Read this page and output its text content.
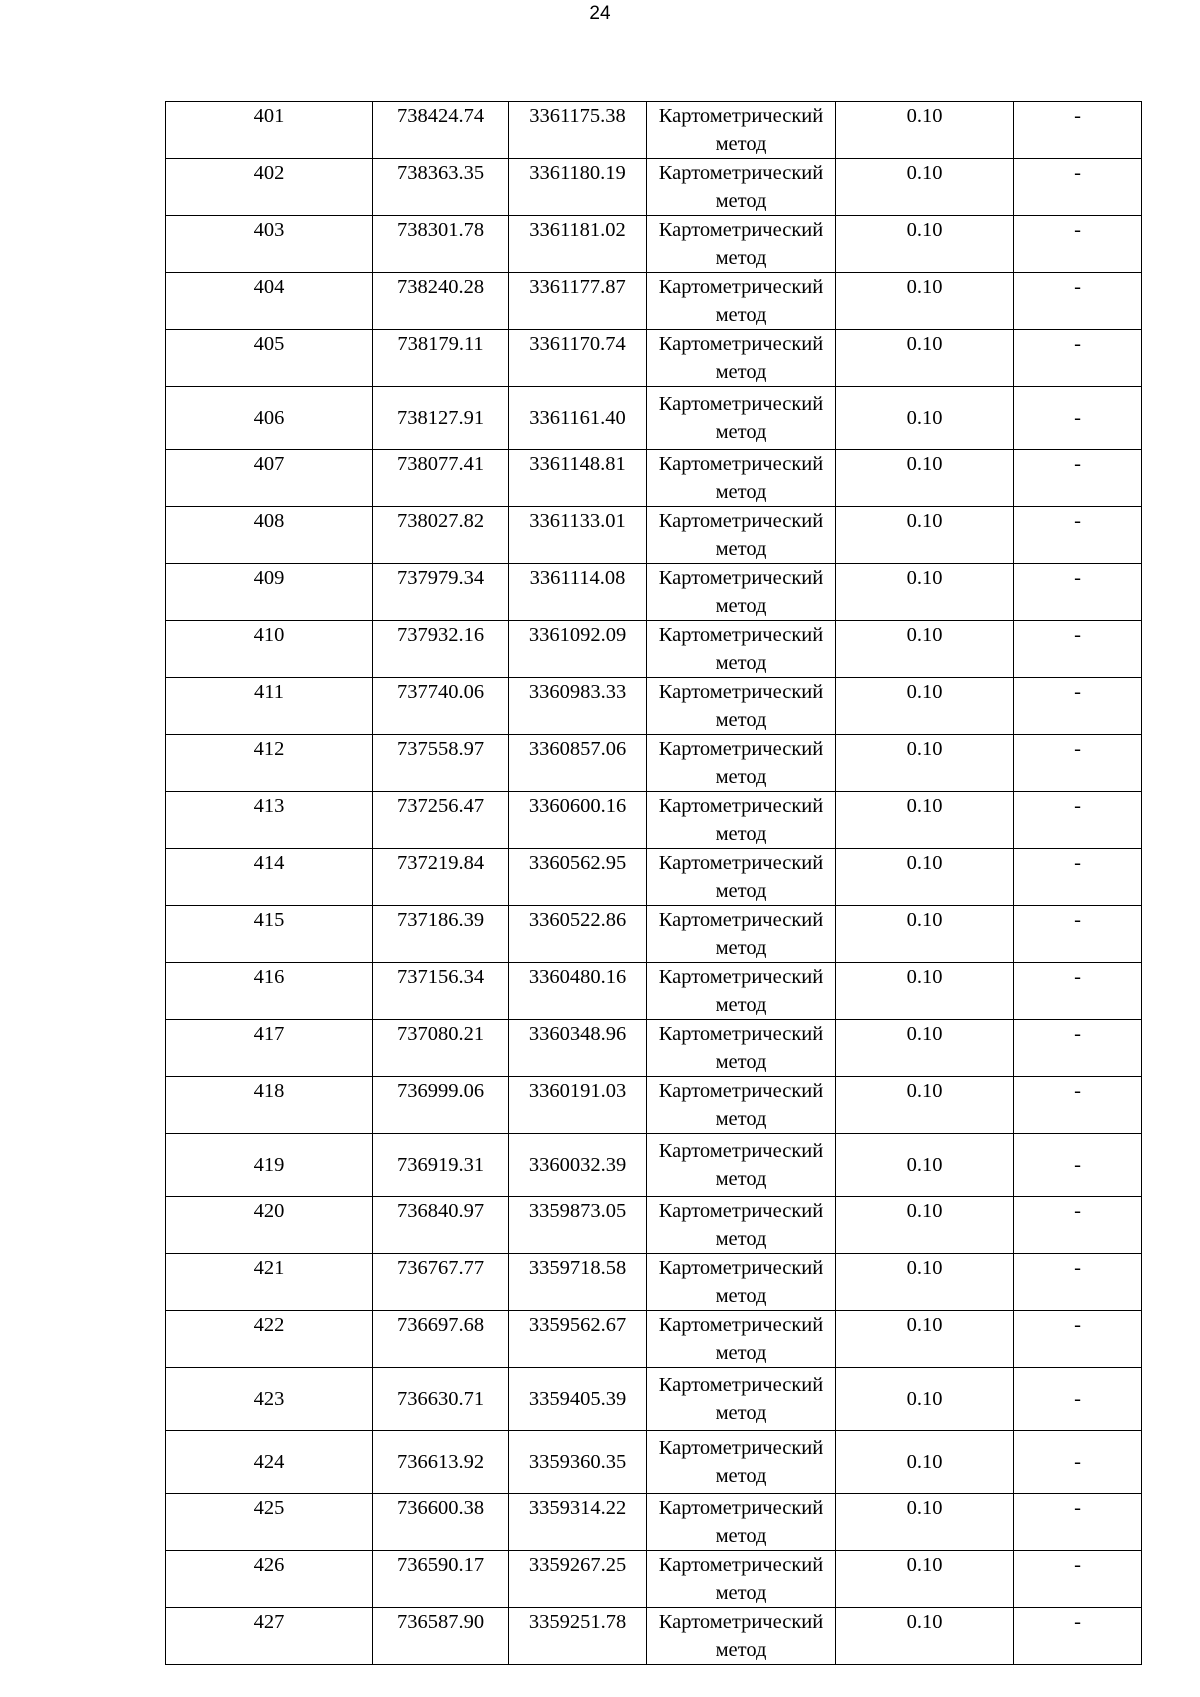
24
401	738424.74	3361175.38	Картометрический метод	0.10	-
402	738363.35	3361180.19	Картометрический метод	0.10	-
403	738301.78	3361181.02	Картометрический метод	0.10	-
404	738240.28	3361177.87	Картометрический метод	0.10	-
405	738179.11	3361170.74	Картометрический метод	0.10	-
406	738127.91	3361161.40	Картометрический метод	0.10	-
407	738077.41	3361148.81	Картометрический метод	0.10	-
408	738027.82	3361133.01	Картометрический метод	0.10	-
409	737979.34	3361114.08	Картометрический метод	0.10	-
410	737932.16	3361092.09	Картометрический метод	0.10	-
411	737740.06	3360983.33	Картометрический метод	0.10	-
412	737558.97	3360857.06	Картометрический метод	0.10	-
413	737256.47	3360600.16	Картометрический метод	0.10	-
414	737219.84	3360562.95	Картометрический метод	0.10	-
415	737186.39	3360522.86	Картометрический метод	0.10	-
416	737156.34	3360480.16	Картометрический метод	0.10	-
417	737080.21	3360348.96	Картометрический метод	0.10	-
418	736999.06	3360191.03	Картометрический метод	0.10	-
419	736919.31	3360032.39	Картометрический метод	0.10	-
420	736840.97	3359873.05	Картометрический метод	0.10	-
421	736767.77	3359718.58	Картометрический метод	0.10	-
422	736697.68	3359562.67	Картометрический метод	0.10	-
423	736630.71	3359405.39	Картометрический метод	0.10	-
424	736613.92	3359360.35	Картометрический метод	0.10	-
425	736600.38	3359314.22	Картометрический метод	0.10	-
426	736590.17	3359267.25	Картометрический метод	0.10	-
427	736587.90	3359251.78	Картометрический метод	0.10	-
